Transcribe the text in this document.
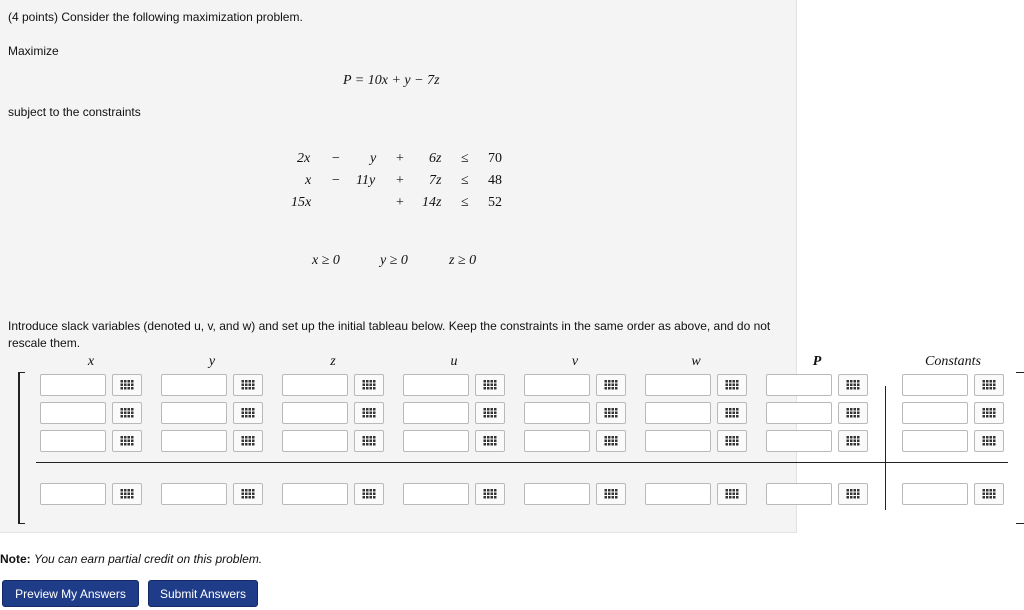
(4 points) Consider the following maximization problem.
Maximize
P = 10x + y − 7z
subject to the constraints
2x − y + 6z ≤ 70
x − 11y + 7z ≤ 48
15x	+ 14z ≤ 52
x ≥ 0	y ≥ 0	z ≥ 0
Introduce slack variables (denoted u, v, and w) and set up the initial tableau below. Keep the constraints in the same order as above, and do not rescale them.
x	y	z	u	v	w	P	Constants
Note: You can earn partial credit on this problem.
Preview My Answers	Submit Answers
